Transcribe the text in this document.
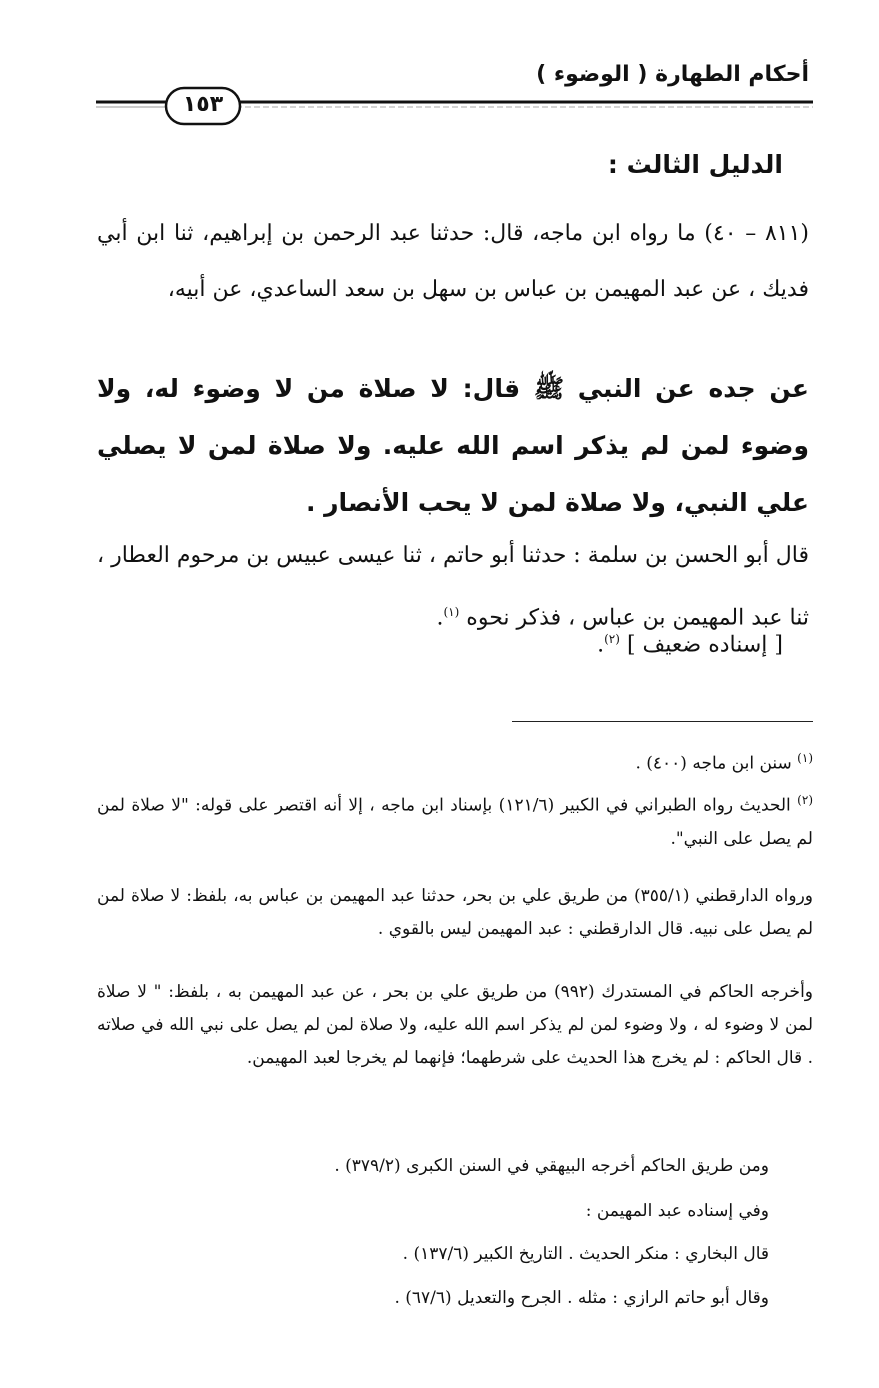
أحكام الطهارة ( الوضوء )
١٥٣
الدليل الثالث :
(٨١١ – ٤٠) ما رواه ابن ماجه، قال: حدثنا عبد الرحمن بن إبراهيم، ثنا ابن أبي فديك ، عن عبد المهيمن بن عباس بن سهل بن سعد الساعدي، عن أبيه،
عن جده عن النبي ﷺ قال: لا صلاة من لا وضوء له، ولا وضوء لمن لم يذكر اسم الله عليه. ولا صلاة لمن لا يصلي علي النبي، ولا صلاة لمن لا يحب الأنصار .
قال أبو الحسن بن سلمة : حدثنا أبو حاتم ، ثنا عيسى عبيس بن مرحوم العطار ، ثنا عبد المهيمن بن عباس ، فذكر نحوه $^{(١)}$.
[ إسناده ضعيف ] $^{(٢)}$.
$^{(١)}$ سنن ابن ماجه (٤٠٠) .
$^{(٢)}$ الحديث رواه الطبراني في الكبير (١٢١/٦) بإسناد ابن ماجه ، إلا أنه اقتصر على قوله: "لا صلاة لمن لم يصل على النبي".
ورواه الدارقطني (٣٥٥/١) من طريق علي بن بحر، حدثنا عبد المهيمن بن عباس به، بلفظ: لا صلاة لمن لم يصل على نبيه. قال الدارقطني : عبد المهيمن ليس بالقوي .
وأخرجه الحاكم في المستدرك (٩٩٢) من طريق علي بن بحر ، عن عبد المهيمن به ، بلفظ: " لا صلاة لمن لا وضوء له ، ولا وضوء لمن لم يذكر اسم الله عليه، ولا صلاة لمن لم يصل على نبي الله في صلاته . قال الحاكم : لم يخرج هذا الحديث على شرطهما؛ فإنهما لم يخرجا لعبد المهيمن.
ومن طريق الحاكم أخرجه البيهقي في السنن الكبرى (٣٧٩/٢) .
وفي إسناده عبد المهيمن :
قال البخاري : منكر الحديث . التاريخ الكبير (١٣٧/٦) .
وقال أبو حاتم الرازي : مثله . الجرح والتعديل (٦٧/٦) .
